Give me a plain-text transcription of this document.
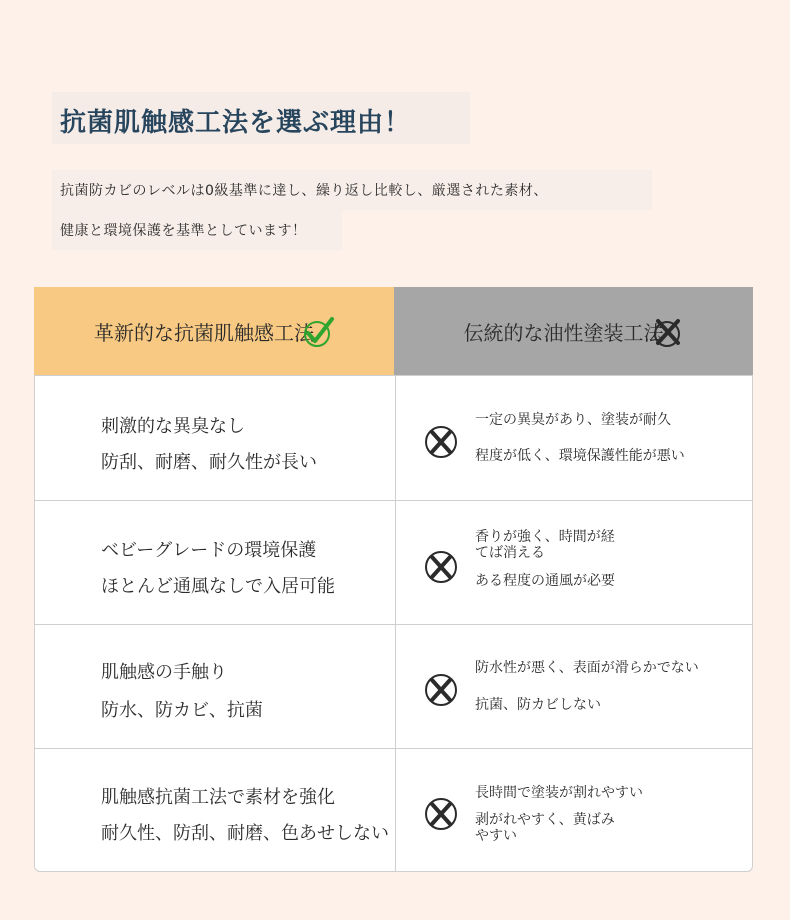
抗菌肌触感工法を選ぶ理由！
抗菌防カビのレベルは0級基準に達し、繰り返し比較し、厳選された素材、
健康と環境保護を基準としています！
革新的な抗菌肌触感工法	伝統的な油性塗装工法
刺激的な異臭なし
防刮、耐磨、耐久性が長い
一定の異臭があり、塗装が耐久
程度が低く、環境保護性能が悪い
ベビーグレードの環境保護
ほとんど通風なしで入居可能
香りが強く、時間が経
てば消える
ある程度の通風が必要
肌触感の手触り
防水、防カビ、抗菌
防水性が悪く、表面が滑らかでない
抗菌、防カビしない
肌触感抗菌工法で素材を強化
耐久性、防刮、耐磨、色あせしない
長時間で塗装が割れやすい
剥がれやすく、黄ばみ
やすい
